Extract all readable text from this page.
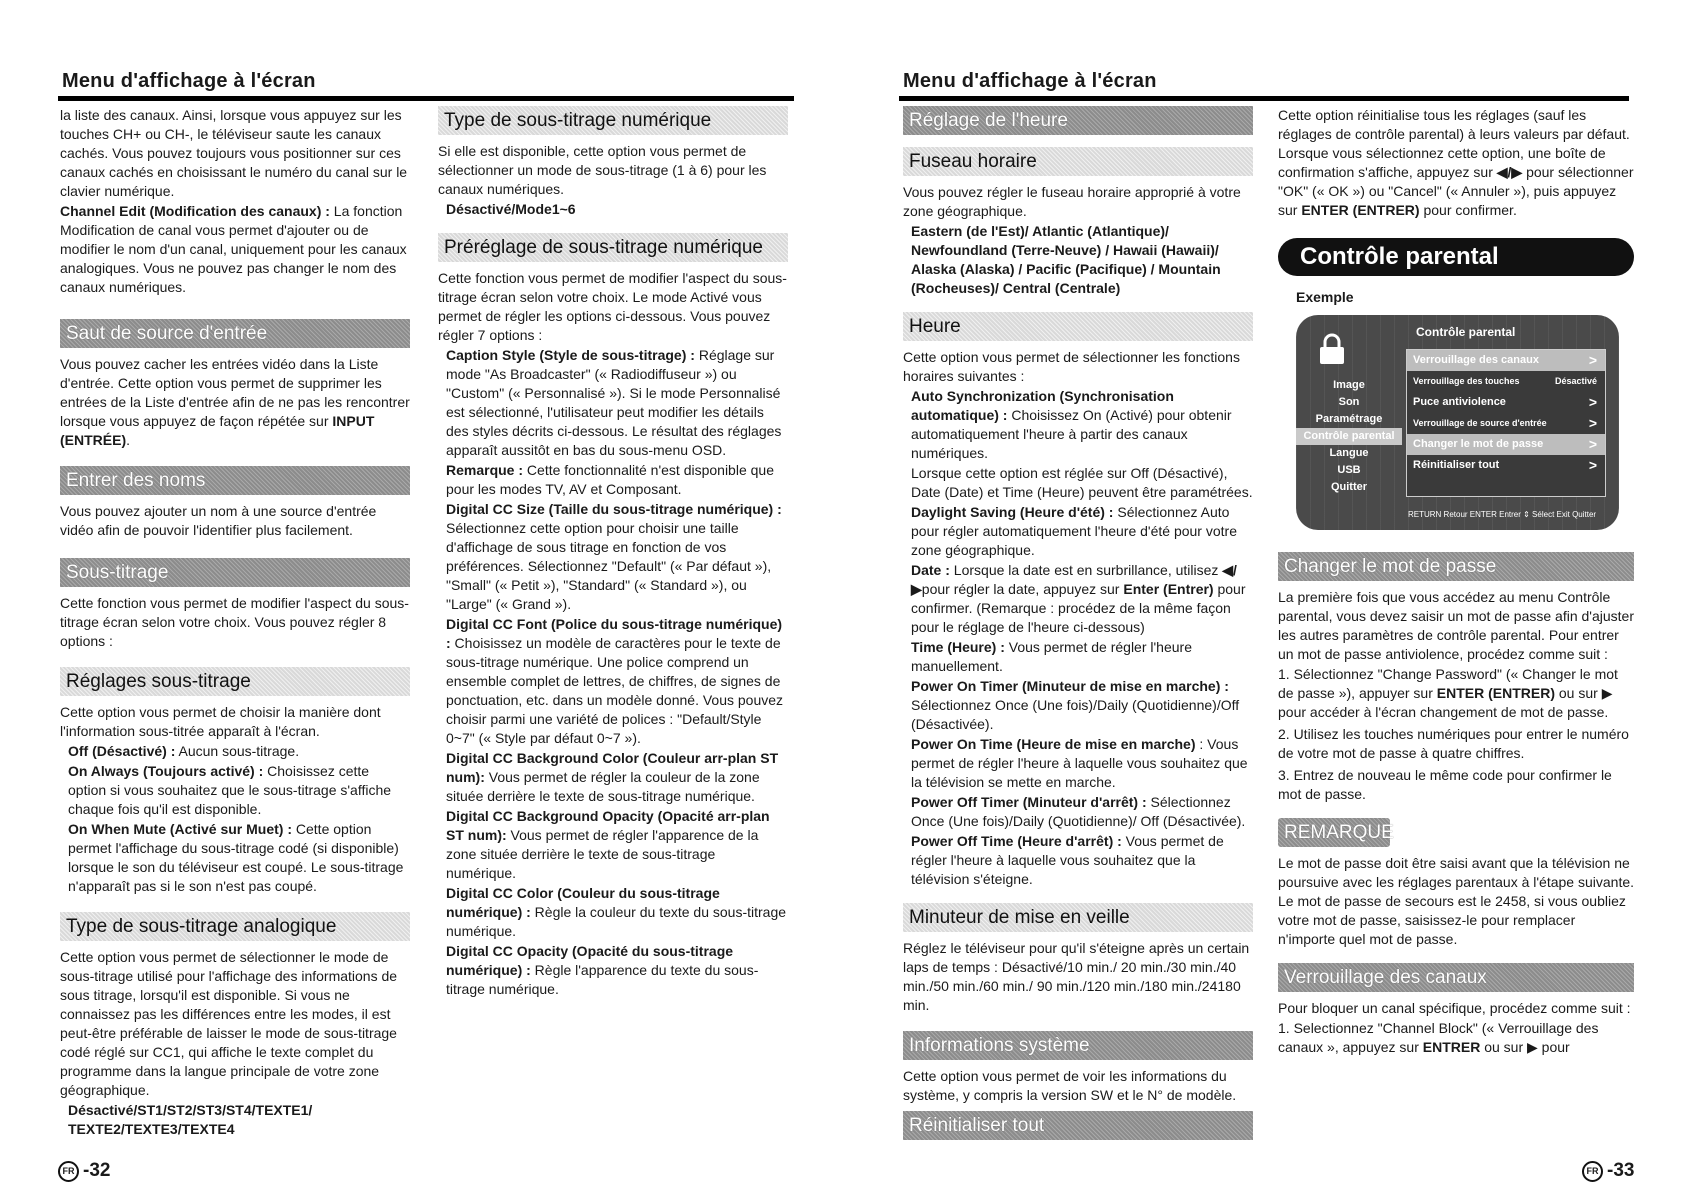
Menu d'affichage à l'écran	Menu d'affichage à l'écran

la liste des canaux. Ainsi, lorsque vous appuyez sur les touches CH+ ou CH-, le téléviseur saute les canaux cachés. Vous pouvez toujours vous positionner sur ces canaux cachés en choisissant le numéro du canal sur le clavier numérique.

Channel Edit (Modification des canaux) : La fonction Modification de canal vous permet d'ajouter ou de modifier le nom d'un canal, uniquement pour les canaux analogiques. Vous ne pouvez pas changer le nom des canaux numériques.

Saut de source d'entrée

Vous pouvez cacher les entrées vidéo dans la Liste d'entrée. Cette option vous permet de supprimer les entrées de la Liste d'entrée afin de ne pas les rencontrer lorsque vous appuyez de façon répétée sur INPUT (ENTRÉE).

Entrer des noms

Vous pouvez ajouter un nom à une source d'entrée vidéo afin de pouvoir l'identifier plus facilement.

Sous-titrage

Cette fonction vous permet de modifier l'aspect du sous-titrage écran selon votre choix. Vous pouvez régler 8 options :

Réglages sous-titrage

Cette option vous permet de choisir la manière dont l'information sous-titrée apparaît à l'écran.

Off (Désactivé) : Aucun sous-titrage.

On Always (Toujours activé) : Choisissez cette option si vous souhaitez que le sous-titrage s'affiche chaque fois qu'il est disponible.

On When Mute (Activé sur Muet) : Cette option permet l'affichage du sous-titrage codé (si disponible) lorsque le son du téléviseur est coupé. Le sous-titrage n'apparaît pas si le son n'est pas coupé.

Type de sous-titrage analogique

Cette option vous permet de sélectionner le mode de sous-titrage utilisé pour l'affichage des informations de sous titrage, lorsqu'il est disponible. Si vous ne connaissez pas les différences entre les modes, il est peut-être préférable de laisser le mode de sous-titrage codé réglé sur CC1, qui affiche le texte complet du programme dans la langue principale de votre zone géographique.

Désactivé/ST1/ST2/ST3/ST4/TEXTE1/ TEXTE2/TEXTE3/TEXTE4

Type de sous-titrage numérique

Si elle est disponible, cette option vous permet de sélectionner un mode de sous-titrage (1 à 6) pour les canaux numériques.

Désactivé/Mode1~6

Préréglage de sous-titrage numérique

Cette fonction vous permet de modifier l'aspect du sous-titrage écran selon votre choix. Le mode Activé vous permet de régler les options ci-dessous. Vous pouvez régler 7 options :

Caption Style (Style de sous-titrage) : Réglage sur mode "As Broadcaster" (« Radiodiffuseur ») ou "Custom" (« Personnalisé »). Si le mode Personnalisé est sélectionné, l'utilisateur peut modifier les détails des styles décrits ci-dessous. Le résultat des réglages apparaît aussitôt en bas du sous-menu OSD.

Remarque : Cette fonctionnalité n'est disponible que pour les modes TV, AV et Composant.

Digital CC Size (Taille du sous-titrage numérique) : Sélectionnez cette option pour choisir une taille d'affichage de sous titrage en fonction de vos préférences. Sélectionnez "Default" (« Par défaut »), "Small" (« Petit »), "Standard" (« Standard »), ou "Large" (« Grand »).

Digital CC Font (Police du sous-titrage numérique) : Choisissez un modèle de caractères pour le texte de sous-titrage numérique. Une police comprend un ensemble complet de lettres, de chiffres, de signes de ponctuation, etc. dans un modèle donné. Vous pouvez choisir parmi une variété de polices : "Default/Style 0~7" (« Style par défaut 0~7 »).

Digital CC Background Color (Couleur arr-plan ST num): Vous permet de régler la couleur de la zone située derrière le texte de sous-titrage numérique.

Digital CC Background Opacity (Opacité arr-plan ST num): Vous permet de régler l'apparence de la zone située derrière le texte de sous-titrage numérique.

Digital CC Color (Couleur du sous-titrage numérique) : Règle la couleur du texte du sous-titrage numérique.

Digital CC Opacity (Opacité du sous-titrage numérique) : Règle l'apparence du texte du sous-titrage numérique.

Réglage de l'heure
Fuseau horaire

Vous pouvez régler le fuseau horaire approprié à votre zone géographique.

Eastern (de l'Est)/ Atlantic (Atlantique)/ Newfoundland (Terre-Neuve) / Hawaii (Hawaii)/ Alaska (Alaska) / Pacific (Pacifique) / Mountain (Rocheuses)/ Central (Centrale)

Heure

Cette option vous permet de sélectionner les fonctions horaires suivantes :

Auto Synchronization (Synchronisation automatique) : Choisissez On (Activé) pour obtenir automatiquement l'heure à partir des canaux numériques.

Lorsque cette option est réglée sur Off (Désactivé), Date (Date) et Time (Heure) peuvent être paramétrées.

Daylight Saving (Heure d'été) : Sélectionnez Auto pour régler automatiquement l'heure d'été pour votre zone géographique.

Date : Lorsque la date est en surbrillance, utilisez ◀/▶pour régler la date, appuyez sur Enter (Entrer) pour confirmer. (Remarque : procédez de la même façon pour le réglage de l'heure ci-dessous)

Time (Heure) : Vous permet de régler l'heure manuellement.

Power On Timer (Minuteur de mise en marche) : Sélectionnez Once (Une fois)/Daily (Quotidienne)/Off (Désactivée).

Power On Time (Heure de mise en marche) : Vous permet de régler l'heure à laquelle vous souhaitez que la télévision se mette en marche.

Power Off Timer (Minuteur d'arrêt) : Sélectionnez Once (Une fois)/Daily (Quotidienne)/ Off (Désactivée).

Power Off Time (Heure d'arrêt) : Vous permet de régler l'heure à laquelle vous souhaitez que la télévision s'éteigne.

Minuteur de mise en veille

Réglez le téléviseur pour qu'il s'éteigne après un certain laps de temps : Désactivé/10 min./ 20 min./30 min./40 min./50 min./60 min./ 90 min./120 min./180 min./24180 min.

Informations système

Cette option vous permet de voir les informations du système, y compris la version SW et le N° de modèle.

Réinitialiser tout

Cette option réinitialise tous les réglages (sauf les réglages de contrôle parental) à leurs valeurs par défaut. Lorsque vous sélectionnez cette option, une boîte de confirmation s'affiche, appuyez sur ◀/▶ pour sélectionner "OK" (« OK ») ou "Cancel" (« Annuler »), puis appuyez sur ENTER (ENTRER) pour confirmer.

Contrôle parental

Exemple

Contrôle parental
Image
Son
Paramétrage
Contrôle parental
Langue
USB
Quitter
Verrouillage des canaux	>
Verrouillage des touches	Désactivé
Puce antiviolence	>
Verrouillage de source d'entrée	>
Changer le mot de passe	>
Réinitialiser tout	>
RETURN Retour ENTER Entrer ⇕ Sélect Exit Quitter
Changer le mot de passe

La première fois que vous accédez au menu Contrôle parental, vous devez saisir un mot de passe afin d'ajuster les autres paramètres de contrôle parental. Pour entrer un mot de passe antiviolence, procédez comme suit :

1. Sélectionnez "Change Password" (« Changer le mot de passe »), appuyer sur ENTER (ENTRER) ou sur ▶ pour accéder à l'écran changement de mot de passe.
2. Utilisez les touches numériques pour entrer le numéro de votre mot de passe à quatre chiffres.
3. Entrez de nouveau le même code pour confirmer le mot de passe.
REMARQUE

Le mot de passe doit être saisi avant que la télévision ne poursuive avec les réglages parentaux à l'étape suivante. Le mot de passe de secours est le 2458, si vous oubliez votre mot de passe, saisissez-le pour remplacer n'importe quel mot de passe.

Verrouillage des canaux

Pour bloquer un canal spécifique, procédez comme suit :

1. Selectionnez "Channel Block" (« Verrouillage des canaux », appuyez sur ENTRER ou sur ▶ pour

FR -32	FR -33
